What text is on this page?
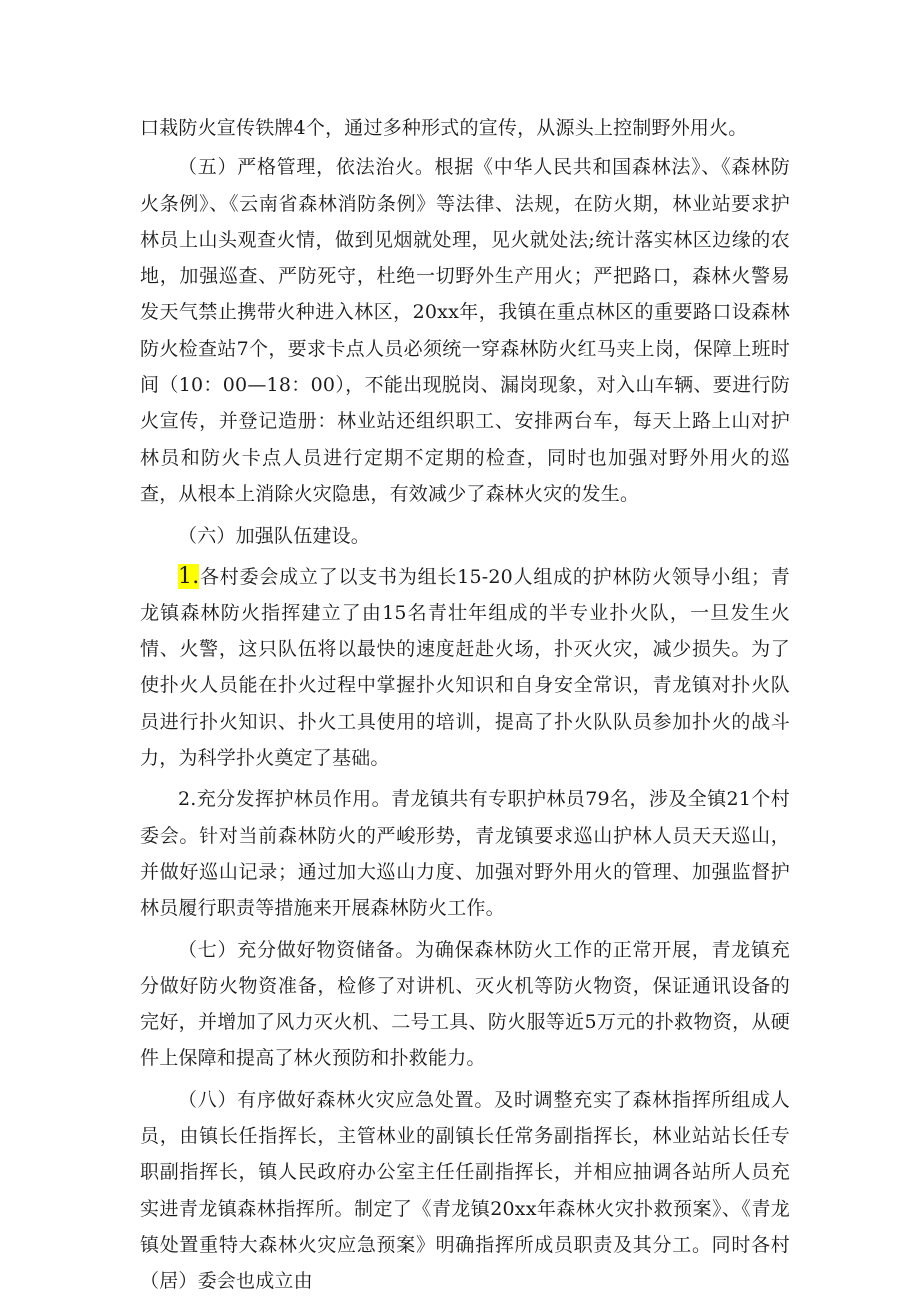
口栽防火宣传铁牌4个，通过多种形式的宣传，从源头上控制野外用火。

（五）严格管理，依法治火。根据《中华人民共和国森林法》、《森林防火条例》、《云南省森林消防条例》等法律、法规，在防火期，林业站要求护林员上山头观查火情，做到见烟就处理，见火就处法;统计落实林区边缘的农地，加强巡查、严防死守，杜绝一切野外生产用火；严把路口，森林火警易发天气禁止携带火种进入林区，20xx年，我镇在重点林区的重要路口设森林防火检查站7个，要求卡点人员必须统一穿森林防火红马夹上岗，保障上班时间（10：00—18：00），不能出现脱岗、漏岗现象，对入山车辆、要进行防火宣传，并登记造册：林业站还组织职工、安排两台车，每天上路上山对护林员和防火卡点人员进行定期不定期的检查，同时也加强对野外用火的巡查，从根本上消除火灾隐患，有效减少了森林火灾的发生。

（六）加强队伍建设。

1.各村委会成立了以支书为组长15-20人组成的护林防火领导小组；青龙镇森林防火指挥建立了由15名青壮年组成的半专业扑火队，一旦发生火情、火警，这只队伍将以最快的速度赶赴火场，扑灭火灾，减少损失。为了使扑火人员能在扑火过程中掌握扑火知识和自身安全常识，青龙镇对扑火队员进行扑火知识、扑火工具使用的培训，提高了扑火队队员参加扑火的战斗力，为科学扑火奠定了基础。

2.充分发挥护林员作用。青龙镇共有专职护林员79名，涉及全镇21个村委会。针对当前森林防火的严峻形势，青龙镇要求巡山护林人员天天巡山，并做好巡山记录；通过加大巡山力度、加强对野外用火的管理、加强监督护林员履行职责等措施来开展森林防火工作。

（七）充分做好物资储备。为确保森林防火工作的正常开展，青龙镇充分做好防火物资准备，检修了对讲机、灭火机等防火物资，保证通讯设备的完好，并增加了风力灭火机、二号工具、防火服等近5万元的扑救物资，从硬件上保障和提高了林火预防和扑救能力。

（八）有序做好森林火灾应急处置。及时调整充实了森林指挥所组成人员，由镇长任指挥长，主管林业的副镇长任常务副指挥长，林业站站长任专职副指挥长，镇人民政府办公室主任任副指挥长，并相应抽调各站所人员充实进青龙镇森林指挥所。制定了《青龙镇20xx年森林火灾扑救预案》、《青龙镇处置重特大森林火灾应急预案》明确指挥所成员职责及其分工。同时各村（居）委会也成立由
